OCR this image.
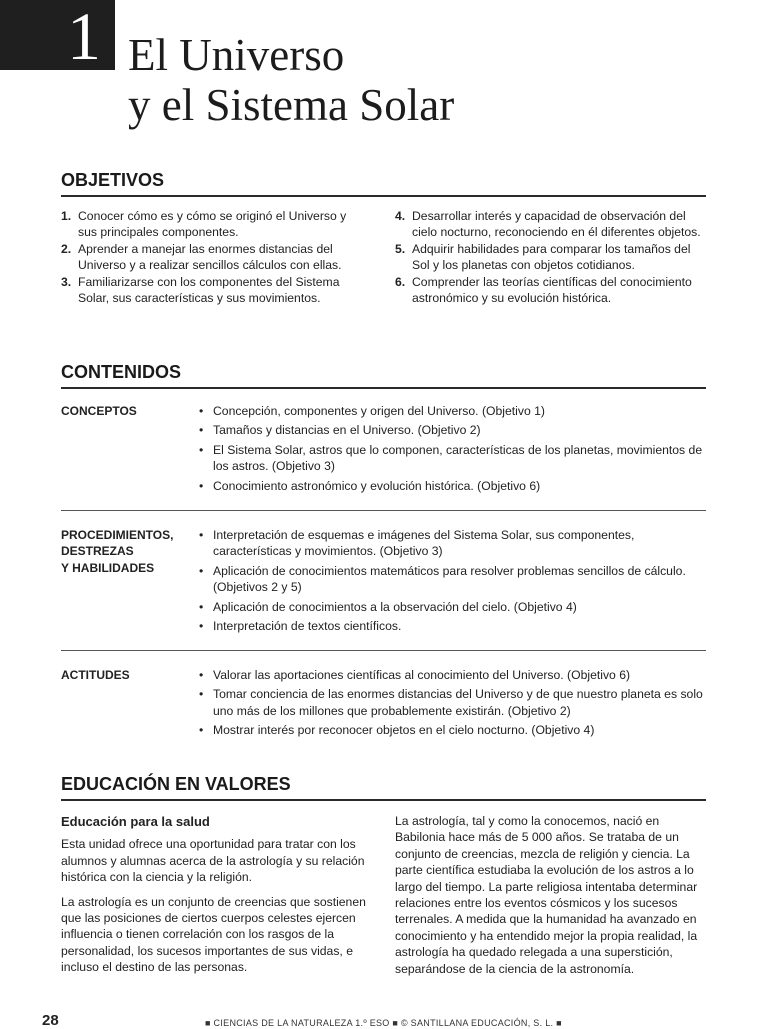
1 El Universo
y el Sistema Solar
OBJETIVOS
1. Conocer cómo es y cómo se originó el Universo y sus principales componentes.
2. Aprender a manejar las enormes distancias del Universo y a realizar sencillos cálculos con ellas.
3. Familiarizarse con los componentes del Sistema Solar, sus características y sus movimientos.
4. Desarrollar interés y capacidad de observación del cielo nocturno, reconociendo en él diferentes objetos.
5. Adquirir habilidades para comparar los tamaños del Sol y los planetas con objetos cotidianos.
6. Comprender las teorías científicas del conocimiento astronómico y su evolución histórica.
CONTENIDOS
CONCEPTOS	• Concepción, componentes y origen del Universo. (Objetivo 1)
• Tamaños y distancias en el Universo. (Objetivo 2)
• El Sistema Solar, astros que lo componen, características de los planetas, movimientos de los astros. (Objetivo 3)
• Conocimiento astronómico y evolución histórica. (Objetivo 6)
PROCEDIMIENTOS,
DESTREZAS
Y HABILIDADES
• Interpretación de esquemas e imágenes del Sistema Solar, sus componentes, características y movimientos. (Objetivo 3)
• Aplicación de conocimientos matemáticos para resolver problemas sencillos de cálculo. (Objetivos 2 y 5)
• Aplicación de conocimientos a la observación del cielo. (Objetivo 4)
• Interpretación de textos científicos.
ACTITUDES	• Valorar las aportaciones científicas al conocimiento del Universo. (Objetivo 6)
• Tomar conciencia de las enormes distancias del Universo y de que nuestro planeta es solo uno más de los millones que probablemente existirán. (Objetivo 2)
• Mostrar interés por reconocer objetos en el cielo nocturno. (Objetivo 4)
EDUCACIÓN EN VALORES
Educación para la salud

Esta unidad ofrece una oportunidad para tratar con los alumnos y alumnas acerca de la astrología y su relación histórica con la ciencia y la religión.

La astrología es un conjunto de creencias que sostienen que las posiciones de ciertos cuerpos celestes ejercen influencia o tienen correlación con los rasgos de la personalidad, los sucesos importantes de sus vidas, e incluso el destino de las personas.

La astrología, tal y como la conocemos, nació en Babilonia hace más de 5 000 años. Se trataba de un conjunto de creencias, mezcla de religión y ciencia. La parte científica estudiaba la evolución de los astros a lo largo del tiempo. La parte religiosa intentaba determinar relaciones entre los eventos cósmicos y los sucesos terrenales. A medida que la humanidad ha avanzado en conocimiento y ha entendido mejor la propia realidad, la astrología ha quedado relegada a una superstición, separándose de la ciencia de la astronomía.

28	■ CIENCIAS DE LA NATURALEZA 1.º ESO ■ © SANTILLANA EDUCACIÓN, S. L. ■
